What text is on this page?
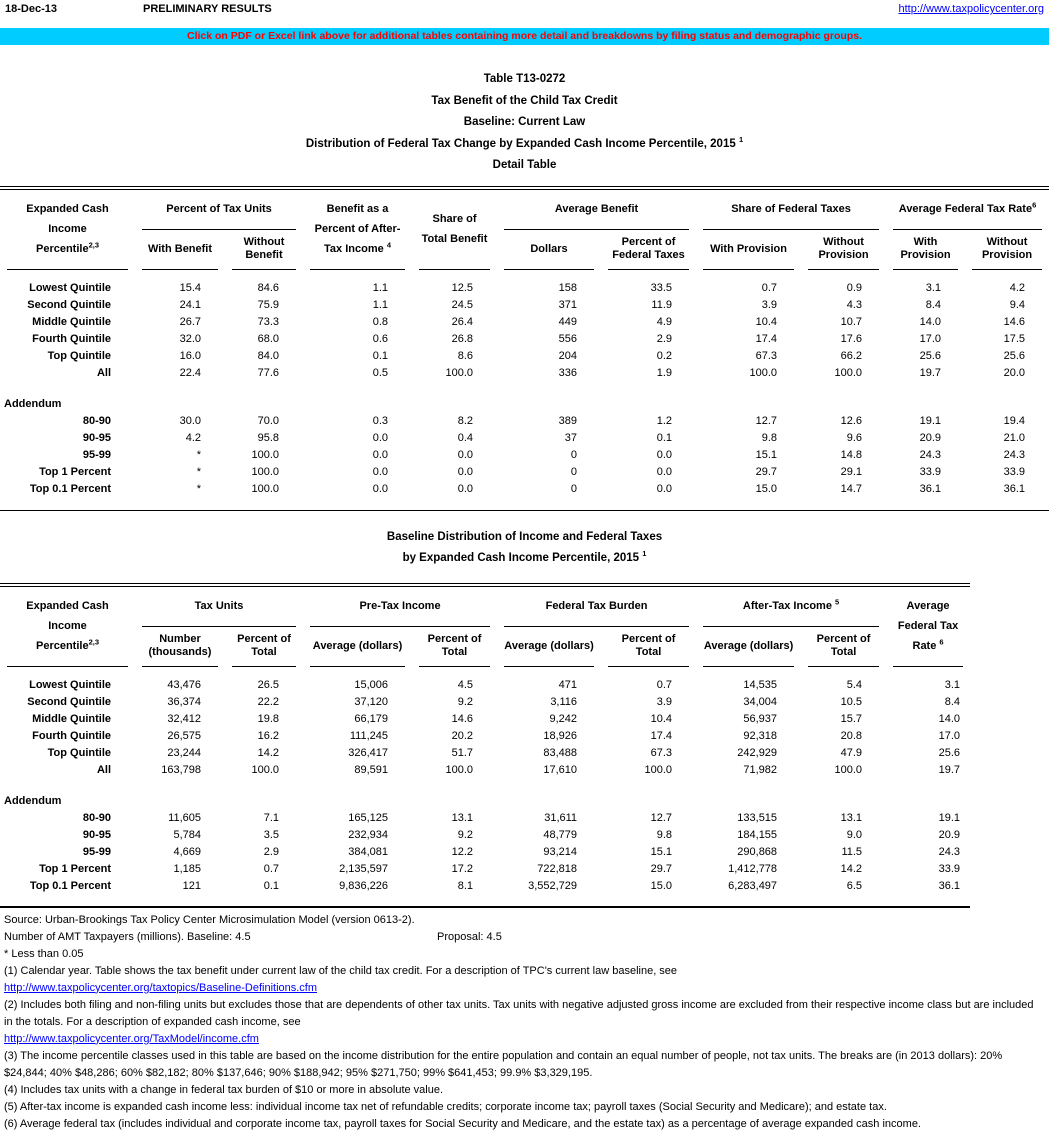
18-Dec-13	PRELIMINARY RESULTS	http://www.taxpolicycenter.org
Click on PDF or Excel link above for additional tables containing more detail and breakdowns by filing status and demographic groups.
Table T13-0272
Tax Benefit of the Child Tax Credit
Baseline: Current Law
Distribution of Federal Tax Change by Expanded Cash Income Percentile, 2015 $^1$
Detail Table
Expanded Cash Income
Percentile$^{2,3}$	Percent of Tax Units		Benefit as a Percent of After-Tax Income $^4$	Share of Total Benefit	Average Benefit		Share of Federal Taxes		Average Federal Tax Rate$^6$

	With Benefit	Without Benefit			Dollars	Percent of Federal Taxes	With Provision	Without Provision	With Provision	Without Provision

Lowest Quintile	15.4	84.6	1.1	12.5	158	33.5	0.7	0.9	3.1	4.2
Second Quintile	24.1	75.9	1.1	24.5	371	11.9	3.9	4.3	8.4	9.4
Middle Quintile	26.7	73.3	0.8	26.4	449	4.9	10.4	10.7	14.0	14.6
Fourth Quintile	32.0	68.0	0.6	26.8	556	2.9	17.4	17.6	17.0	17.5
Top Quintile	16.0	84.0	0.1	8.6	204	0.2	67.3	66.2	25.6	25.6
All	22.4	77.6	0.5	100.0	336	1.9	100.0	100.0	19.7	20.0

Addendum										
80-90	30.0	70.0	0.3	8.2	389	1.2	12.7	12.6	19.1	19.4
90-95	4.2	95.8	0.0	0.4	37	0.1	9.8	9.6	20.9	21.0
95-99	*	100.0	0.0	0.0	0	0.0	15.1	14.8	24.3	24.3
Top 1 Percent	*	100.0	0.0	0.0	0	0.0	29.7	29.1	33.9	33.9
Top 0.1 Percent	*	100.0	0.0	0.0	0	0.0	15.0	14.7	36.1	36.1

Baseline Distribution of Income and Federal Taxes
by Expanded Cash Income Percentile, 2015 $^1$
Expanded Cash Income
Percentile$^{2,3}$	Tax Units		Pre-Tax Income		Federal Tax Burden		After-Tax Income $^5$		Average Federal Tax Rate $^6$

	Number (thousands)	Percent of Total	Average (dollars)	Percent of Total	Average (dollars)	Percent of Total	Average (dollars)	Percent of Total	

Lowest Quintile	43,476	26.5	15,006	4.5	471	0.7	14,535	5.4	3.1
Second Quintile	36,374	22.2	37,120	9.2	3,116	3.9	34,004	10.5	8.4
Middle Quintile	32,412	19.8	66,179	14.6	9,242	10.4	56,937	15.7	14.0
Fourth Quintile	26,575	16.2	111,245	20.2	18,926	17.4	92,318	20.8	17.0
Top Quintile	23,244	14.2	326,417	51.7	83,488	67.3	242,929	47.9	25.6
All	163,798	100.0	89,591	100.0	17,610	100.0	71,982	100.0	19.7

Addendum									
80-90	11,605	7.1	165,125	13.1	31,611	12.7	133,515	13.1	19.1
90-95	5,784	3.5	232,934	9.2	48,779	9.8	184,155	9.0	20.9
95-99	4,669	2.9	384,081	12.2	93,214	15.1	290,868	11.5	24.3
Top 1 Percent	1,185	0.7	2,135,597	17.2	722,818	29.7	1,412,778	14.2	33.9
Top 0.1 Percent	121	0.1	9,836,226	8.1	3,552,729	15.0	6,283,497	6.5	36.1

Source: Urban-Brookings Tax Policy Center Microsimulation Model (version 0613-2).
Number of AMT Taxpayers (millions). Baseline: 4.5	Proposal: 4.5
* Less than 0.05
(1) Calendar year. Table shows the tax benefit under current law of the child tax credit. For a description of TPC's current law baseline, see
http://www.taxpolicycenter.org/taxtopics/Baseline-Definitions.cfm
(2) Includes both filing and non-filing units but excludes those that are dependents of other tax units. Tax units with negative adjusted gross income are excluded from their respective income class but are included in the totals. For a description of expanded cash income, see
http://www.taxpolicycenter.org/TaxModel/income.cfm
(3) The income percentile classes used in this table are based on the income distribution for the entire population and contain an equal number of people, not tax units. The breaks are (in 2013 dollars): 20% $24,844; 40% $48,286; 60% $82,182; 80% $137,646; 90% $188,942; 95% $271,750; 99% $641,453; 99.9% $3,329,195.
(4) Includes tax units with a change in federal tax burden of $10 or more in absolute value.
(5) After-tax income is expanded cash income less: individual income tax net of refundable credits; corporate income tax; payroll taxes (Social Security and Medicare); and estate tax.
(6) Average federal tax (includes individual and corporate income tax, payroll taxes for Social Security and Medicare, and the estate tax) as a percentage of average expanded cash income.
